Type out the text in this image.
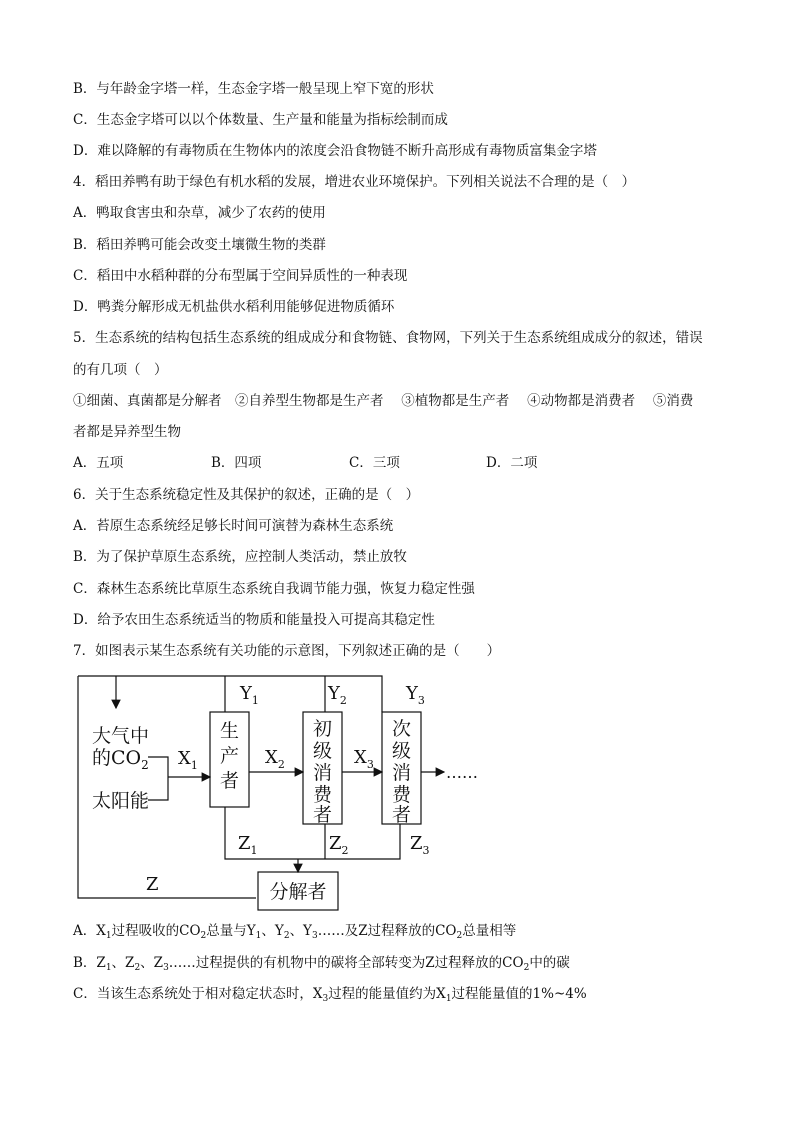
B．与年龄金字塔一样，生态金字塔一般呈现上窄下宽的形状
C．生态金字塔可以以个体数量、生产量和能量为指标绘制而成
D．难以降解的有毒物质在生物体内的浓度会沿食物链不断升高形成有毒物质富集金字塔
4．稻田养鸭有助于绿色有机水稻的发展，增进农业环境保护。下列相关说法不合理的是（　）
A．鸭取食害虫和杂草，减少了农药的使用
B．稻田养鸭可能会改变土壤微生物的类群
C．稻田中水稻种群的分布型属于空间异质性的一种表现
D．鸭粪分解形成无机盐供水稻利用能够促进物质循环
5．生态系统的结构包括生态系统的组成成分和食物链、食物网，下列关于生态系统组成成分的叙述，错误
的有几项（　）
①细菌、真菌都是分解者　②自养型生物都是生产者　 ③植物都是生产者　 ④动物都是消费者　 ⑤消费
者都是异养型生物
A．五项	B．四项	C．三项	D．二项
6．关于生态系统稳定性及其保护的叙述，正确的是（　）
A．苔原生态系统经足够长时间可演替为森林生态系统
B．为了保护草原生态系统，应控制人类活动，禁止放牧
C．森林生态系统比草原生态系统自我调节能力强，恢复力稳定性强
D．给予农田生态系统适当的物质和能量投入可提高其稳定性
7．如图表示某生态系统有关功能的示意图，下列叙述正确的是（　　）
大气中
的$CO_2$
太阳能
$X_1$	$X_2$	$X_3$
$Y_1$	$Y_2$	$Y_3$
$Z_1$	$Z_2$	$Z_3$
Z
生
产
者
初
级
消
费
者
次
级
消
费
者
分解者
……
A．$X_1$过程吸收的$CO_2$总量与$Y_1$、$Y_2$、$Y_3\dots\dots$及Z过程释放的$CO_2$总量相等
B．$Z_1$、$Z_2$、$Z_3\dots\dots$过程提供的有机物中的碳将全部转变为Z过程释放的$CO_2$中的碳
C．当该生态系统处于相对稳定状态时，$X_3$过程的能量值约为$X_1$过程能量值的1%~4%
